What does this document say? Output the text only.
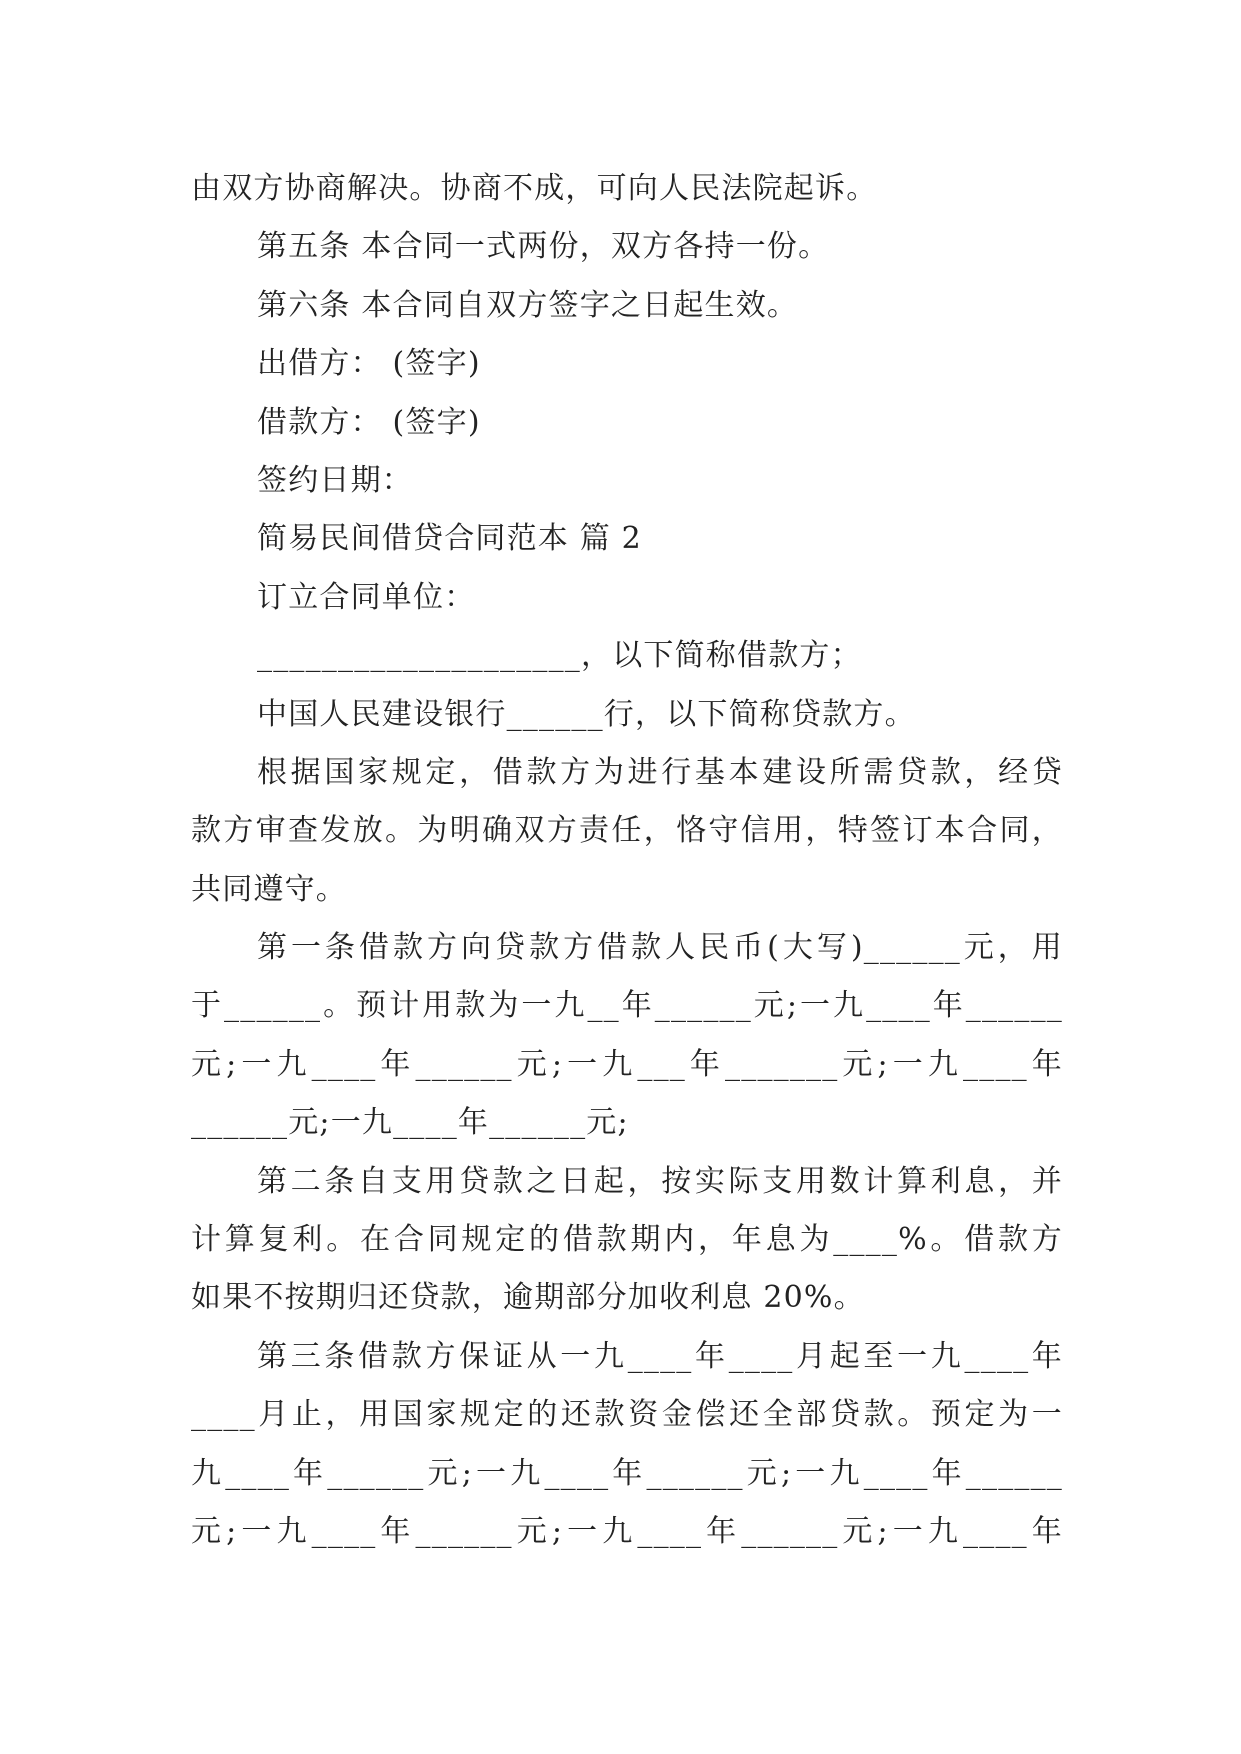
由双方协商解决。协商不成，可向人民法院起诉。

第五条 本合同一式两份，双方各持一份。

第六条 本合同自双方签字之日起生效。

出借方： (签字)

借款方： (签字)

签约日期：

简易民间借贷合同范本 篇 2

订立合同单位：

____________________，以下简称借款方；

中国人民建设银行______行，以下简称贷款方。

根据国家规定，借款方为进行基本建设所需贷款，经贷

款方审查发放。为明确双方责任，恪守信用，特签订本合同，

共同遵守。

第一条借款方向贷款方借款人民币(大写)______元，用

于______。预计用款为一九__年______元;一九____年______

元;一九____年______元;一九___年_______元;一九____年

______元;一九____年______元;

第二条自支用贷款之日起，按实际支用数计算利息，并

计算复利。在合同规定的借款期内，年息为____%。借款方

如果不按期归还贷款，逾期部分加收利息 20%。

第三条借款方保证从一九____年____月起至一九____年

____月止，用国家规定的还款资金偿还全部贷款。预定为一

九____年______元;一九____年______元;一九____年______

元;一九____年______元;一九____年______元;一九____年
